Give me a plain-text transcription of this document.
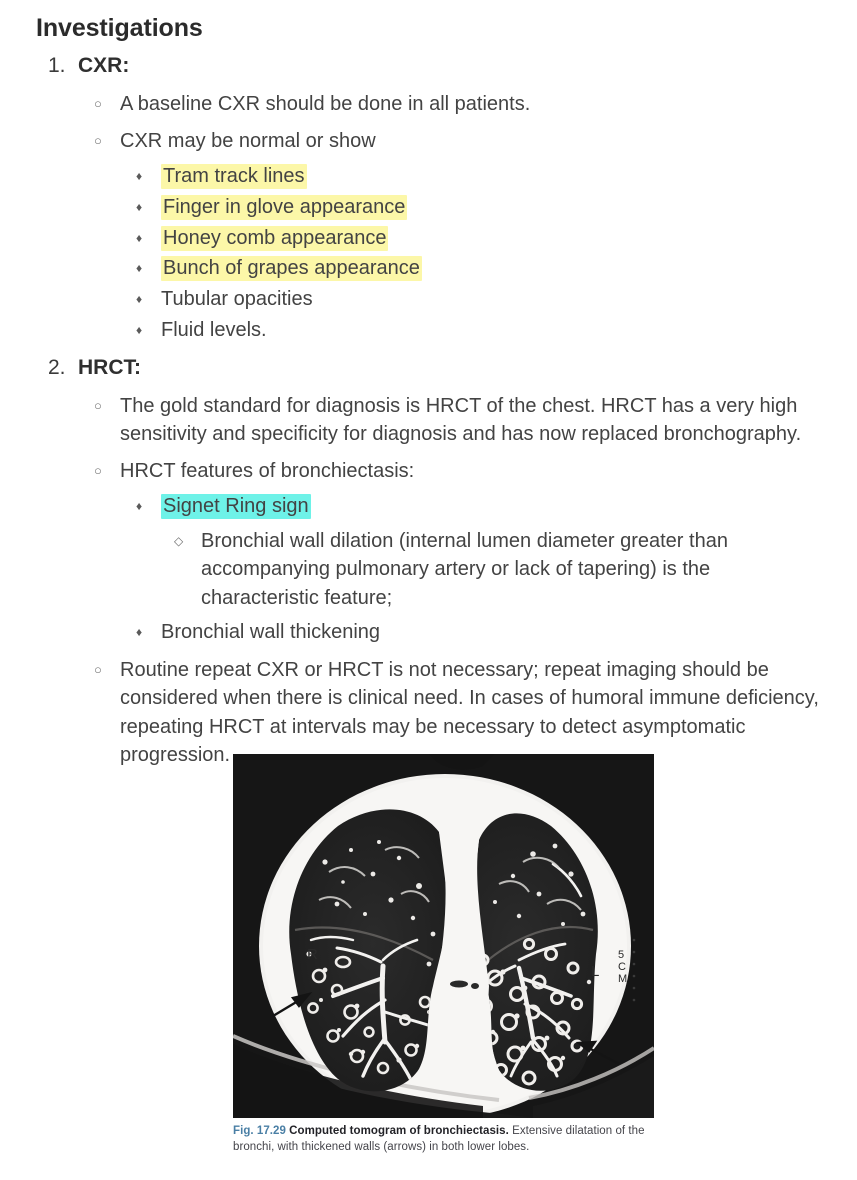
Investigations
1. CXR:
○ A baseline CXR should be done in all patients.
○ CXR may be normal or show
♦	Tram track lines
♦	Finger in glove appearance
♦	Honey comb appearance
♦	Bunch of grapes appearance
♦ Tubular opacities
♦ Fluid levels.
2. HRCT:
○ The gold standard for diagnosis is HRCT of the chest. HRCT has a very high sensitivity and specificity for diagnosis and has now replaced bronchography.
○ HRCT features of bronchiectasis:
♦	Signet Ring sign
◇ Bronchial wall dilation (internal lumen diameter greater than accompanying pulmonary artery or lack of tapering) is the characteristic feature;
♦ Bronchial wall thickening
○ Routine repeat CXR or HRCT is not necessary; repeat imaging should be considered when there is clinical need. In cases of humoral immune deficiency, repeating HRCT at intervals may be necessary to detect asymptomatic progression.
R
L
5
C
M
Fig. 17.29 Computed tomogram of bronchiectasis. Extensive dilatation of the bronchi, with thickened walls (arrows) in both lower lobes.
